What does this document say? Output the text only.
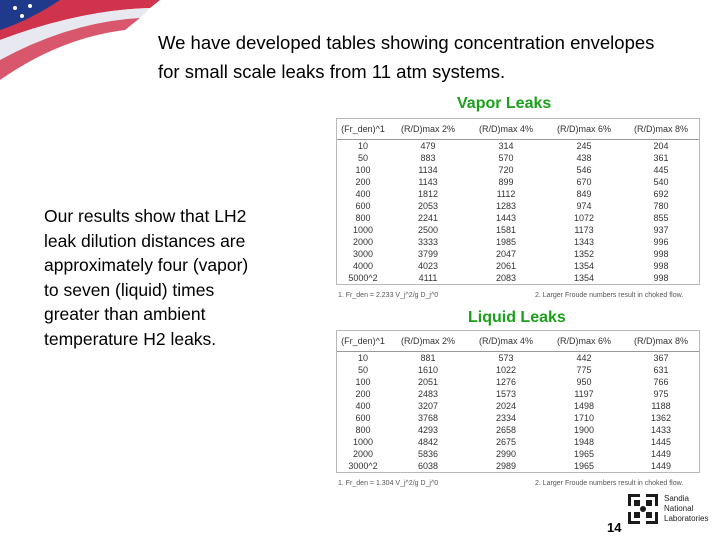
We have developed tables showing concentration envelopes
for small scale leaks from 11 atm systems.
Our results show that LH2
leak dilution distances are
approximately four (vapor)
to seven (liquid) times
greater than ambient
temperature H2 leaks.
Vapor Leaks
(Fr_den)^1	(R/D)max 2%	(R/D)max 4%	(R/D)max 6%	(R/D)max 8%
10	479	314	245	204
50	883	570	438	361
100	1134	720	546	445
200	1143	899	670	540
400	1812	1112	849	692
600	2053	1283	974	780
800	2241	1443	1072	855
1000	2500	1581	1173	937
2000	3333	1985	1343	996
3000	3799	2047	1352	998
4000	4023	2061	1354	998
5000^2	4111	2083	1354	998
1. Fr_den = 2.233 V_j^2/g D_j^0	2. Larger Froude numbers result in choked flow.
Liquid Leaks
(Fr_den)^1	(R/D)max 2%	(R/D)max 4%	(R/D)max 6%	(R/D)max 8%
10	881	573	442	367
50	1610	1022	775	631
100	2051	1276	950	766
200	2483	1573	1197	975
400	3207	2024	1498	1188
600	3768	2334	1710	1362
800	4293	2658	1900	1433
1000	4842	2675	1948	1445
2000	5836	2990	1965	1449
3000^2	6038	2989	1965	1449
1. Fr_den = 1.304 V_j^2/g D_j^0	2. Larger Froude numbers result in choked flow.
14
Sandia
National
Laboratories
